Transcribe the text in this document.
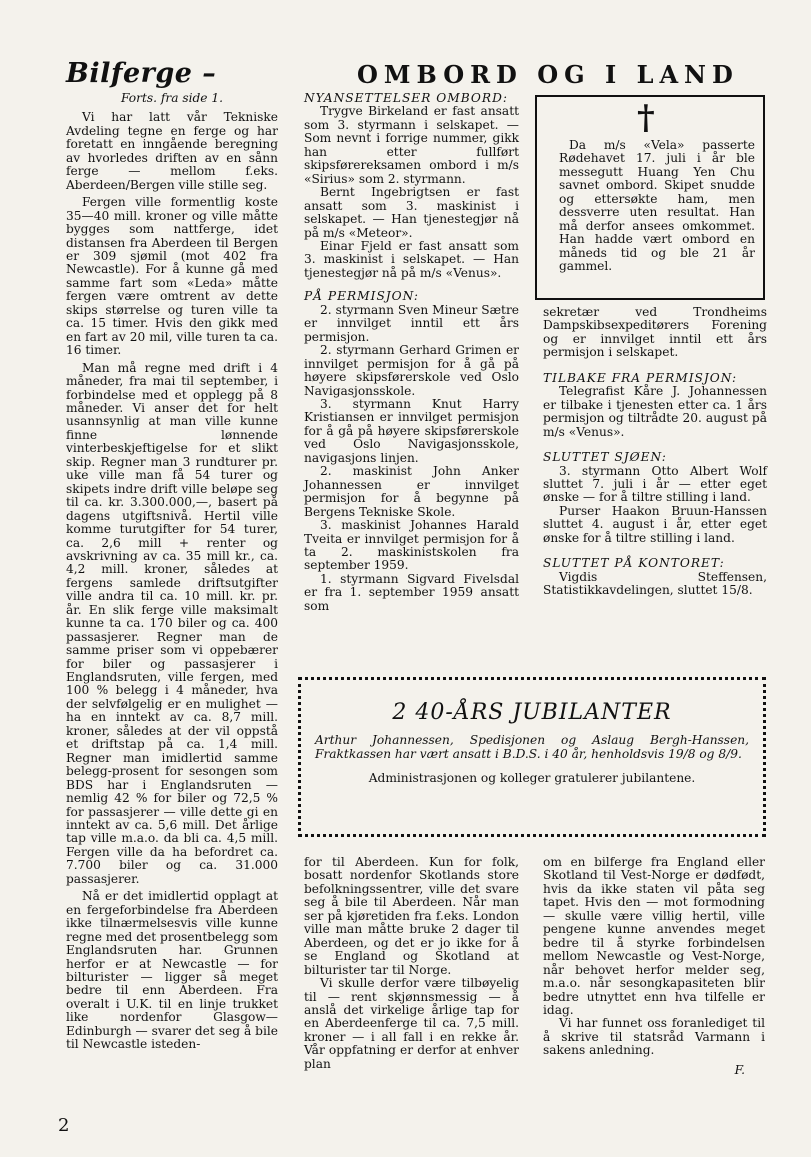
Bilferge –	OMBORD OG I LAND
Forts. fra side 1.

Vi har latt vår Tekniske Avdeling tegne en ferge og har foretatt en inngående beregning av hvorledes driften av en sånn ferge — mellom f.eks. Aberdeen/Bergen ville stille seg.

Fergen ville formentlig koste 35—40 mill. kroner og ville måtte bygges som nattferge, idet distansen fra Aberdeen til Bergen er 309 sjømil (mot 402 fra Newcastle). For å kunne gå med samme fart som «Leda» måtte fergen være omtrent av dette skips størrelse og turen ville ta ca. 15 timer. Hvis den gikk med en fart av 20 mil, ville turen ta ca. 16 timer.

Man må regne med drift i 4 måneder, fra mai til september, i forbindelse med et opplegg på 8 måneder. Vi anser det for helt usannsynlig at man ville kunne finne lønnende vinterbeskjeftigelse for et slikt skip. Regner man 3 rundturer pr. uke ville man få 54 turer og skipets indre drift ville beløpe seg til ca. kr. 3.300.000,—, basert på dagens utgiftsnivå. Hertil ville komme turutgifter for 54 turer, ca. 2,6 mill + renter og avskrivning av ca. 35 mill kr., ca. 4,2 mill. kroner, således at fergens samlede driftsutgifter ville andra til ca. 10 mill. kr. pr. år. En slik ferge ville maksimalt kunne ta ca. 170 biler og ca. 400 passasjerer. Regner man de samme priser som vi oppebærer for biler og passasjerer i Englandsruten, ville fergen, med 100 % belegg i 4 måneder, hva der selvfølgelig er en mulighet — ha en inntekt av ca. 8,7 mill. kroner, således at der vil oppstå et driftstap på ca. 1,4 mill. Regner man imidlertid samme belegg-prosent for sesongen som BDS har i Englandsruten — nemlig 42 % for biler og 72,5 % for passasjerer — ville dette gi en inntekt av ca. 5,6 mill. Det årlige tap ville m.a.o. da bli ca. 4,5 mill. Fergen ville da ha befordret ca. 7.700 biler og ca. 31.000 passasjerer.

Nå er det imidlertid opplagt at en fergeforbindelse fra Aberdeen ikke tilnærmelsesvis ville kunne regne med det prosentbelegg som Englandsruten har. Grunnen herfor er at Newcastle — for bilturister — ligger så meget bedre til enn Aberdeen. Fra overalt i U.K. til en linje trukket like nordenfor Glasgow—Edinburgh — svarer det seg å bile til Newcastle isteden-

NYANSETTELSER OMBORD:

Trygve Birkeland er fast ansatt som 3. styrmann i selskapet. — Som nevnt i forrige nummer, gikk han etter fullført skipsførereksamen ombord i m/s «Sirius» som 2. styrmann.

Bernt Ingebrigtsen er fast ansatt som 3. maskinist i selskapet. — Han tjenestegjør nå på m/s «Meteor».

Einar Fjeld er fast ansatt som 3. maskinist i selskapet. — Han tjenestegjør nå på m/s «Venus».

PÅ PERMISJON:

2. styrmann Sven Mineur Sætre er innvilget inntil ett års permisjon.

2. styrmann Gerhard Grimen er innvilget permisjon for å gå på høyere skipsførerskole ved Oslo Navigasjonsskole.

3. styrmann Knut Harry Kristiansen er innvilget permisjon for å gå på høyere skipsførerskole ved Oslo Navigasjonsskole, navigasjons linjen.

2. maskinist John Anker Johannessen er innvilget permisjon for å begynne på Bergens Tekniske Skole.

3. maskinist Johannes Harald Tveita er innvilget permisjon for å ta 2. maskinistskolen fra september 1959.

1. styrmann Sigvard Fivelsdal er fra 1. september 1959 ansatt som

†

Da m/s «Vela» passerte Rødehavet 17. juli i år ble messegutt Huang Yen Chu savnet ombord. Skipet snudde og ettersøkte ham, men dessverre uten resultat. Han må derfor ansees omkommet. Han hadde vært ombord en måneds tid og ble 21 år gammel.

sekretær ved Trondheims Dampskibsexpeditørers Forening og er innvilget inntil ett års permisjon i selskapet.

TILBAKE FRA PERMISJON:

Telegrafist Kåre J. Johannessen er tilbake i tjenesten etter ca. 1 års permisjon og tiltrådte 20. august på m/s «Venus».

SLUTTET SJØEN:

3. styrmann Otto Albert Wolf sluttet 7. juli i år — etter eget ønske — for å tiltre stilling i land.

Purser Haakon Bruun-Hanssen sluttet 4. august i år, etter eget ønske for å tiltre stilling i land.

SLUTTET PÅ KONTORET:

Vigdis Steffensen, Statistikkavdelingen, sluttet 15/8.

2 40-ÅRS JUBILANTER
Arthur Johannessen, Spedisjonen og Aslaug Bergh-Hanssen, Fraktkassen har vært ansatt i B.D.S. i 40 år, henholdsvis 19/8 og 8/9.
Administrasjonen og kolleger gratulerer jubilantene.

for til Aberdeen. Kun for folk, bosatt nordenfor Skotlands store befolkningssentrer, ville det svare seg å bile til Aberdeen. Når man ser på kjøretiden fra f.eks. London ville man måtte bruke 2 dager til Aberdeen, og det er jo ikke for å se England og Skotland at bilturister tar til Norge.

Vi skulle derfor være tilbøyelig til — rent skjønnsmessig — å anslå det virkelige årlige tap for en Aberdeenferge til ca. 7,5 mill. kroner — i all fall i en rekke år. Vår oppfatning er derfor at enhver plan

om en bilferge fra England eller Skotland til Vest-Norge er dødfødt, hvis da ikke staten vil påta seg tapet. Hvis den — mot formodning — skulle være villig hertil, ville pengene kunne anvendes meget bedre til å styrke forbindelsen mellom Newcastle og Vest-Norge, når behovet herfor melder seg, m.a.o. når sesongkapasiteten blir bedre utnyttet enn hva tilfelle er idag.

Vi har funnet oss foranlediget til å skrive til statsråd Varmann i sakens anledning.

F.
2
